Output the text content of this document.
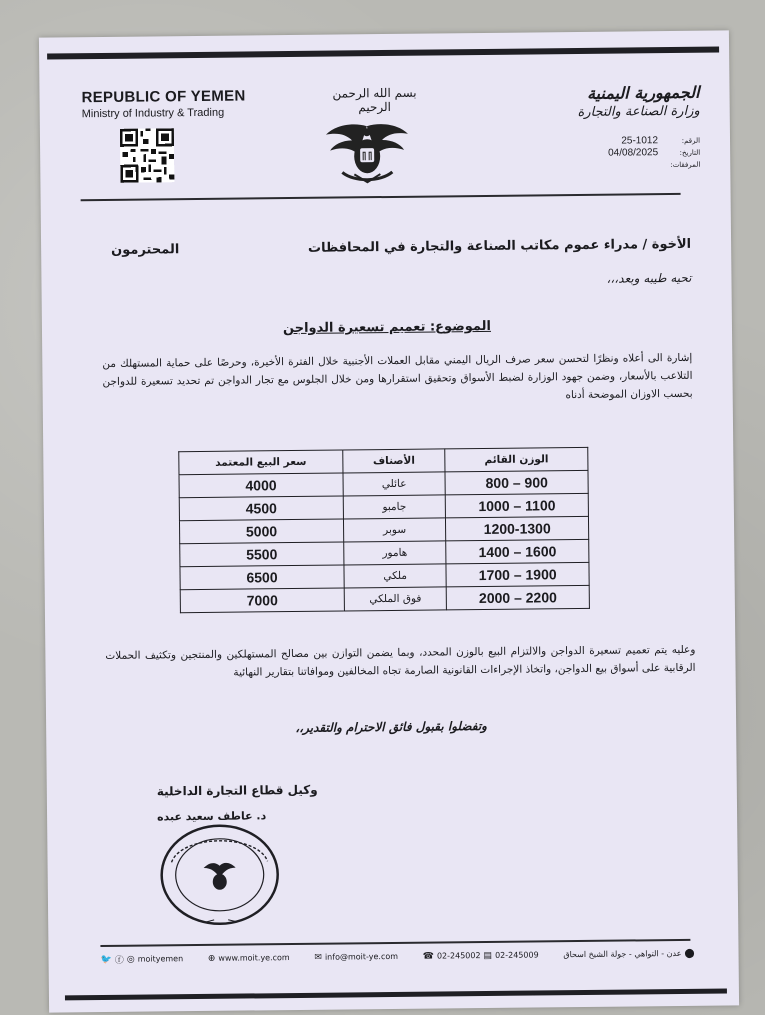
REPUBLIC OF YEMEN
Ministry of Industry & Trading
بسم الله الرحمن الرحيم
الجمهورية اليمنية
وزارة الصناعة والتجارة
25-1012	الرقم:
04/08/2025	التاريخ:
المرفقات:
الأخوة / مدراء عموم مكاتب الصناعة والتجارة في المحافظات
المحترمون
تحيه طيبه وبعد،،،
الموضوع: تعميم تسعيرة الدواجن
إشارة الى أعلاه ونظرًا لتحسن سعر صرف الريال اليمني مقابل العملات الأجنبية خلال الفترة الأخيرة، وحرصًا على حماية المستهلك من التلاعب بالأسعار، وضمن جهود الوزارة لضبط الأسواق وتحقيق استقرارها ومن خلال الجلوس مع تجار الدواجن تم تحديد تسعيرة للدواجن بحسب الاوزان الموضحة أدناه
الوزن القائم	الأصناف	سعر البيع المعتمد
800 – 900	عائلي	4000
1000 – 1100	جامبو	4500
1200-1300	سوبر	5000
1400 – 1600	هامور	5500
1700 – 1900	ملكي	6500
2000 – 2200	فوق الملكي	7000
وعليه يتم تعميم تسعيرة الدواجن والالتزام البيع بالوزن المحدد، وبما يضمن التوازن بين مصالح المستهلكين والمنتجين وتكثيف الحملات الرقابية على أسواق بيع الدواجن، واتخاذ الإجراءات القانونية الصارمة تجاه المخالفين وموافاتنا بتقارير النهائية
وتفضلوا بقبول فائق الاحترام والتقدير،،
وكيل قطاع التجارة الداخلية
د. عاطف سعيد عبده
🐦 ⓕ ◎ moityemen	⊕ www.moit.ye.com	✉ info@moit-ye.com	☎ 02-245002 ▤ 02-245009	⬤
عدن - التواهي - جولة الشيخ اسحاق
